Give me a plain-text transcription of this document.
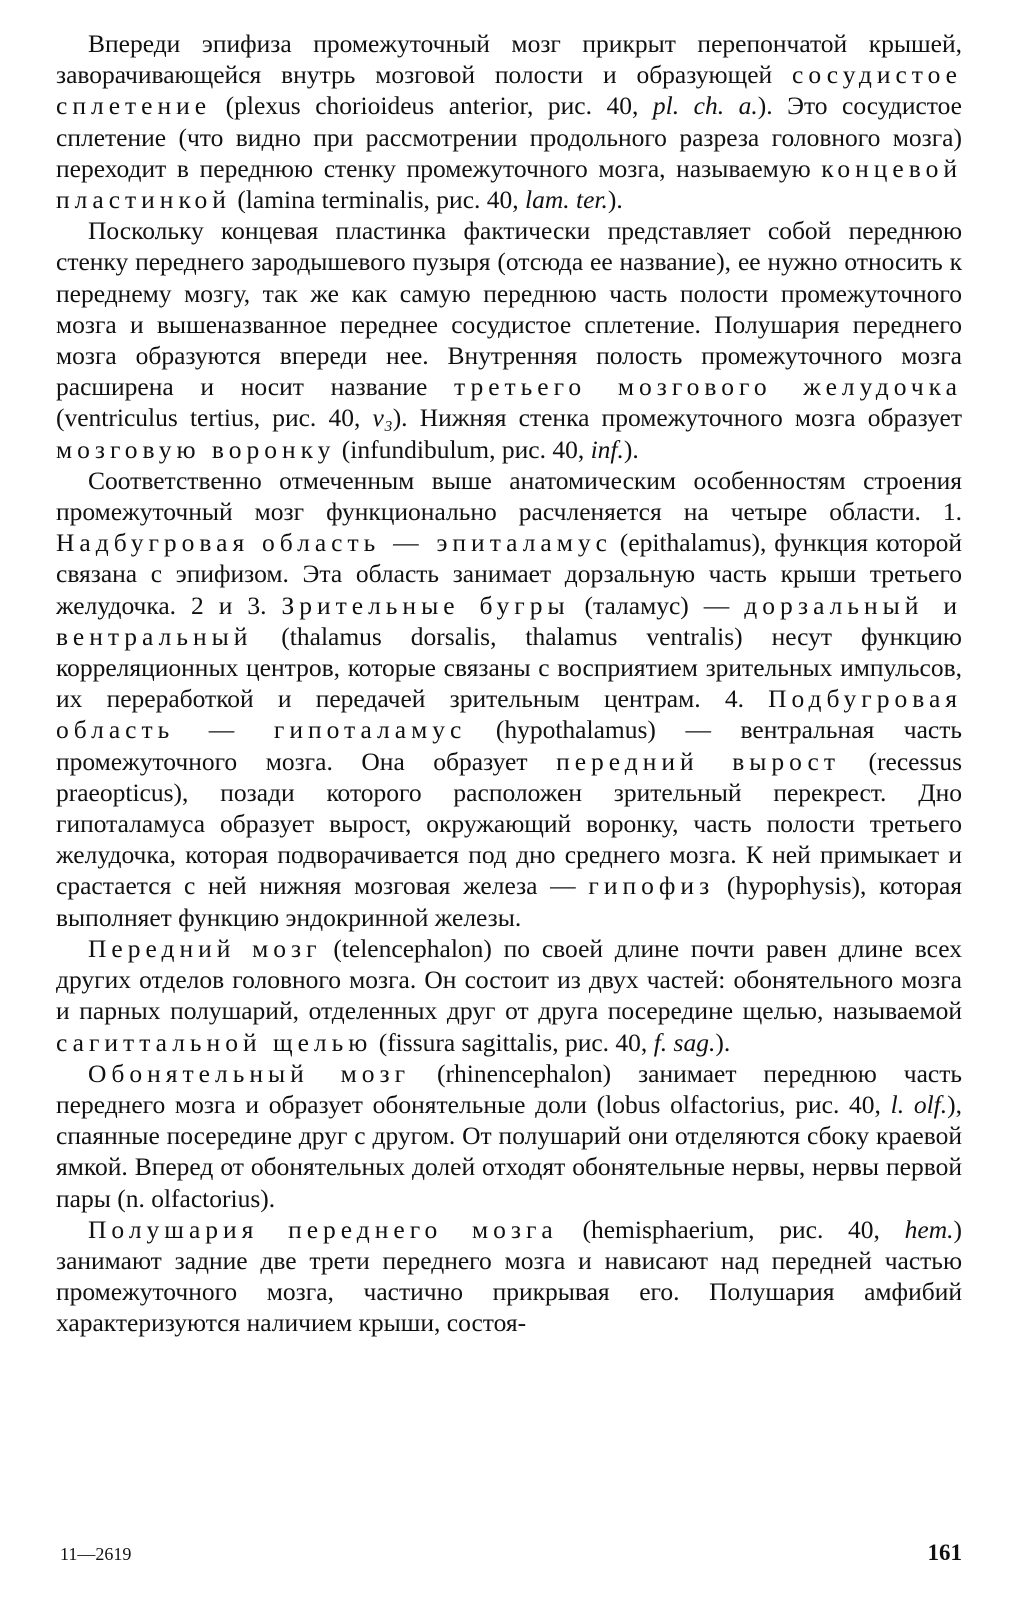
Впереди эпифиза промежуточный мозг прикрыт перепончатой крышей, заворачивающейся внутрь мозговой полости и образующей сосудистое сплетение (plexus chorioideus anterior, рис. 40, pl. ch. a.). Это сосудистое сплетение (что видно при рассмотрении продольного разреза головного мозга) переходит в переднюю стенку промежуточного мозга, называемую концевой пластинкой (lamina terminalis, рис. 40, lam. ter.).

Поскольку концевая пластинка фактически представляет собой переднюю стенку переднего зародышевого пузыря (отсюда ее название), ее нужно относить к переднему мозгу, так же как самую переднюю часть полости промежуточного мозга и вышеназванное переднее сосудистое сплетение. Полушария переднего мозга образуются впереди нее. Внутренняя полость промежуточного мозга расширена и носит название третьего мозгового желудочка (ventriculus tertius, рис. 40, v₃). Нижняя стенка промежуточного мозга образует мозговую воронку (infundibulum, рис. 40, inf.).

Соответственно отмеченным выше анатомическим особенностям строения промежуточный мозг функционально расчленяется на четыре области. 1. Надбугровая область — эпиталамус (epithalamus), функция которой связана с эпифизом. Эта область занимает дорзальную часть крыши третьего желудочка. 2 и 3. Зрительные бугры (таламус) — дорзальный и вентральный (thalamus dorsalis, thalamus ventralis) несут функцию корреляционных центров, которые связаны с восприятием зрительных импульсов, их переработкой и передачей зрительным центрам. 4. Подбугровая область — гипоталамус (hypothalamus) — вентральная часть промежуточного мозга. Она образует передний вырост (recessus praeopticus), позади которого расположен зрительный перекрест. Дно гипоталамуса образует вырост, окружающий воронку, часть полости третьего желудочка, которая подворачивается под дно среднего мозга. К ней примыкает и срастается с ней нижняя мозговая железа — гипофиз (hypophysis), которая выполняет функцию эндокринной железы.

Передний мозг (telencephalon) по своей длине почти равен длине всех других отделов головного мозга. Он состоит из двух частей: обонятельного мозга и парных полушарий, отделенных друг от друга посередине щелью, называемой сагиттальной щелью (fissura sagittalis, рис. 40, f. sag.).

Обонятельный мозг (rhinencephalon) занимает переднюю часть переднего мозга и образует обонятельные доли (lobus olfactorius, рис. 40, l. olf.), спаянные посередине друг с другом. От полушарий они отделяются сбоку краевой ямкой. Вперед от обонятельных долей отходят обонятельные нервы, нервы первой пары (n. olfactorius).

Полушария переднего мозга (hemisphaerium, рис. 40, hem.) занимают задние две трети переднего мозга и нависают над передней частью промежуточного мозга, частично прикрывая его. Полушария амфибий характеризуются наличием крыши, состоя-

11—2619	161
